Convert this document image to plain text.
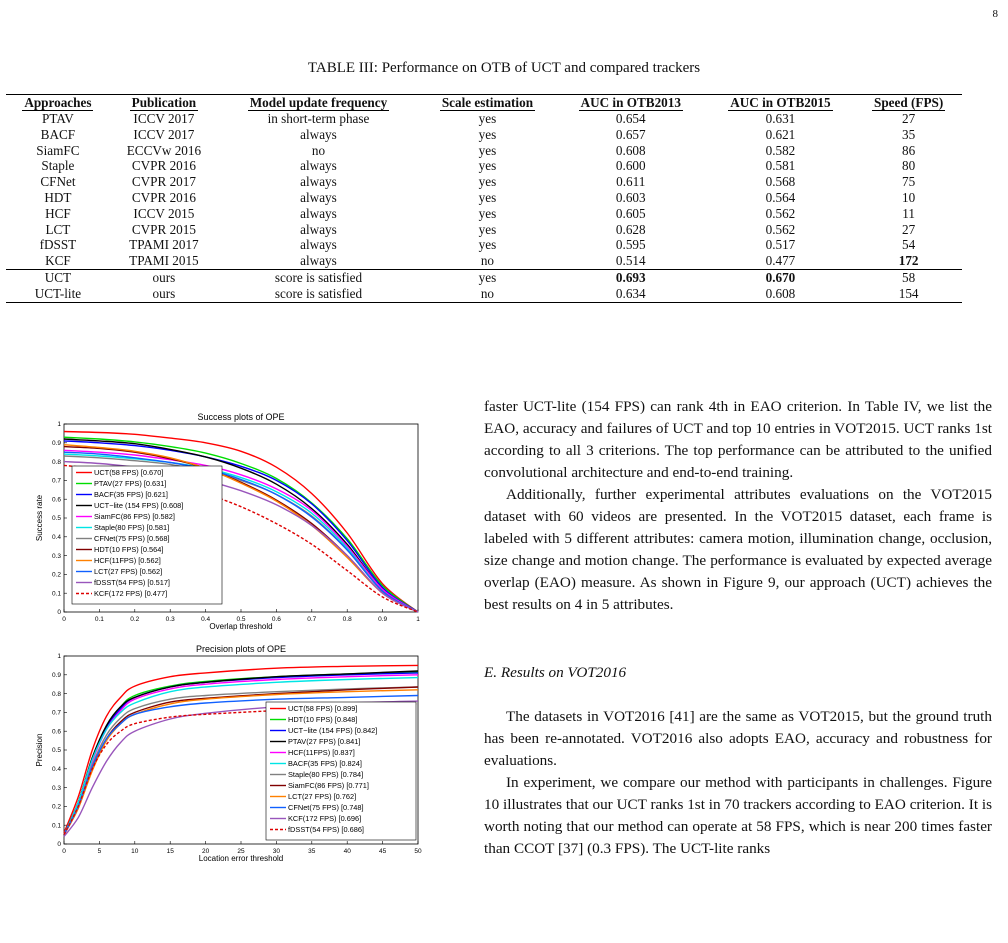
8
TABLE III: Performance on OTB of UCT and compared trackers
Approaches	Publication	Model update frequency	Scale estimation	AUC in OTB2013	AUC in OTB2015	Speed (FPS)
PTAV	ICCV 2017	in short-term phase	yes	0.654	0.631	27
BACF	ICCV 2017	always	yes	0.657	0.621	35
SiamFC	ECCVw 2016	no	yes	0.608	0.582	86
Staple	CVPR 2016	always	yes	0.600	0.581	80
CFNet	CVPR 2017	always	yes	0.611	0.568	75
HDT	CVPR 2016	always	yes	0.603	0.564	10
HCF	ICCV 2015	always	yes	0.605	0.562	11
LCT	CVPR 2015	always	yes	0.628	0.562	27
fDSST	TPAMI 2017	always	yes	0.595	0.517	54
KCF	TPAMI 2015	always	no	0.514	0.477	172
UCT	ours	score is satisfied	yes	0.693	0.670	58
UCT-lite	ours	score is satisfied	no	0.634	0.608	154
Success plots of OPE
0	0.1	0.2	0.3	0.4	0.5	0.6	0.7	0.8	0.9	1
0
0.1
0.2
0.3
0.4
0.5
0.6
0.7
0.8
0.9
1
Overlap threshold
Success rate
UCT(58 FPS) [0.670]
PTAV(27 FPS) [0.631]
BACF(35 FPS) [0.621]
UCT−lite (154 FPS) [0.608]
SiamFC(86 FPS) [0.582]
Staple(80 FPS) [0.581]
CFNet(75 FPS) [0.568]
HDT(10 FPS) [0.564]
HCF(11FPS) [0.562]
LCT(27 FPS) [0.562]
fDSST(54 FPS) [0.517]
KCF(172 FPS) [0.477]
Precision plots of OPE
0	5	10	15	20	25	30	35	40	45	50
0
0.1
0.2
0.3
0.4
0.5
0.6
0.7
0.8
0.9
1
Location error threshold
Precision
UCT(58 FPS) [0.899]
HDT(10 FPS) [0.848]
UCT−lite (154 FPS) [0.842]
PTAV(27 FPS) [0.841]
HCF(11FPS) [0.837]
BACF(35 FPS) [0.824]
Staple(80 FPS) [0.784]
SiamFC(86 FPS) [0.771]
LCT(27 FPS) [0.762]
CFNet(75 FPS) [0.748]
KCF(172 FPS) [0.696]
fDSST(54 FPS) [0.686]

faster UCT-lite (154 FPS) can rank 4th in EAO criterion. In Table IV, we list the EAO, accuracy and failures of UCT and top 10 entries in VOT2015. UCT ranks 1st according to all 3 criterions. The top performance can be attributed to the unified convolutional architecture and end-to-end training.

Additionally, further experimental attributes evaluations on the VOT2015 dataset with 60 videos are presented. In the VOT2015 dataset, each frame is labeled with 5 different attributes: camera motion, illumination change, occlusion, size change and motion change. The performance is evaluated by expected average overlap (EAO) measure. As shown in Figure 9, our approach (UCT) achieves the best results on 4 in 5 attributes.

E. Results on VOT2016

The datasets in VOT2016 [41] are the same as VOT2015, but the ground truth has been re-annotated. VOT2016 also adopts EAO, accuracy and robustness for evaluations.

In experiment, we compare our method with participants in challenges. Figure 10 illustrates that our UCT ranks 1st in 70 trackers according to EAO criterion. It is worth noting that our method can operate at 58 FPS, which is near 200 times faster than CCOT [37] (0.3 FPS). The UCT-lite ranks
